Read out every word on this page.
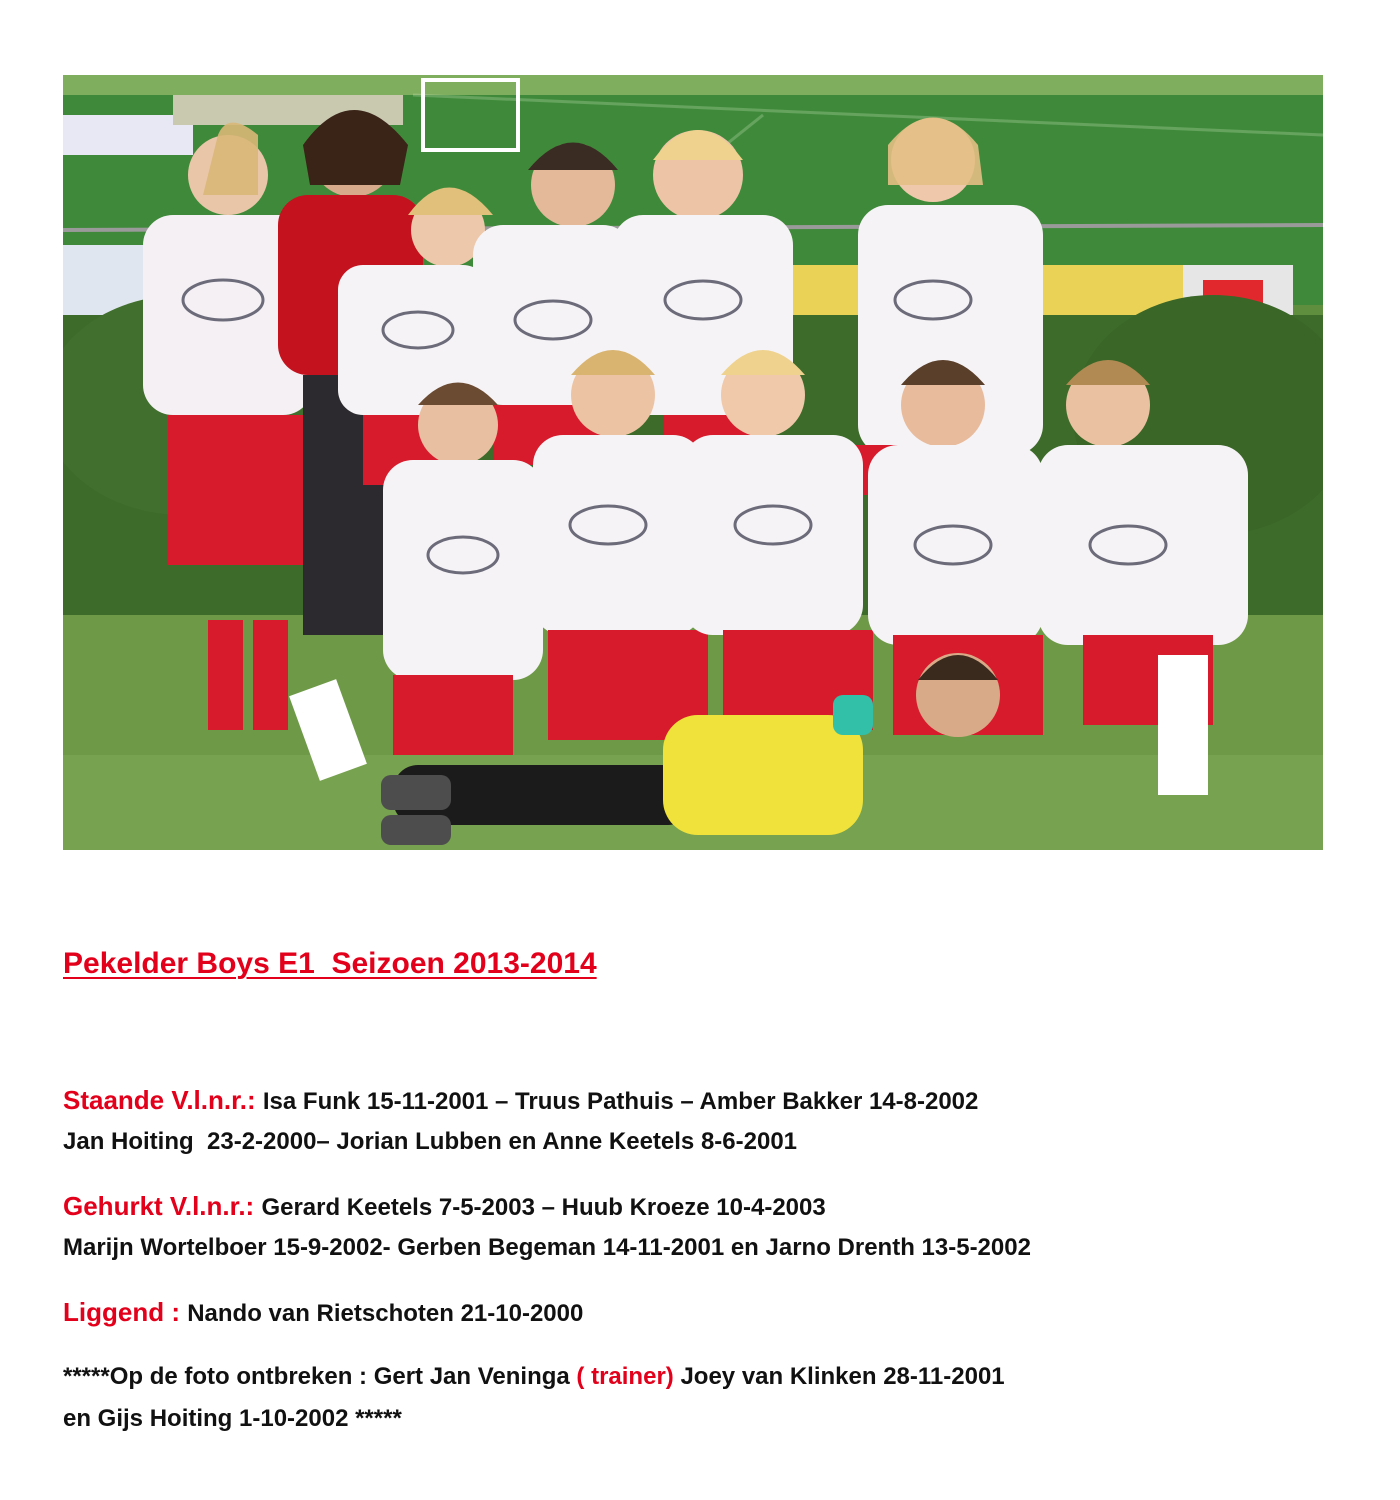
Pekelder Boys E1  Seizoen 2013-2014
Staande V.l.n.r.: Isa Funk 15-11-2001 – Truus Pathuis – Amber Bakker 14-8-2002
Jan Hoiting  23-2-2000– Jorian Lubben en Anne Keetels 8-6-2001
Gehurkt V.l.n.r.: Gerard Keetels 7-5-2003 – Huub Kroeze 10-4-2003
Marijn Wortelboer 15-9-2002- Gerben Begeman 14-11-2001 en Jarno Drenth 13-5-2002
Liggend : Nando van Rietschoten 21-10-2000
*****Op de foto ontbreken : Gert Jan Veninga ( trainer) Joey van Klinken 28-11-2001
en Gijs Hoiting 1-10-2002 *****
